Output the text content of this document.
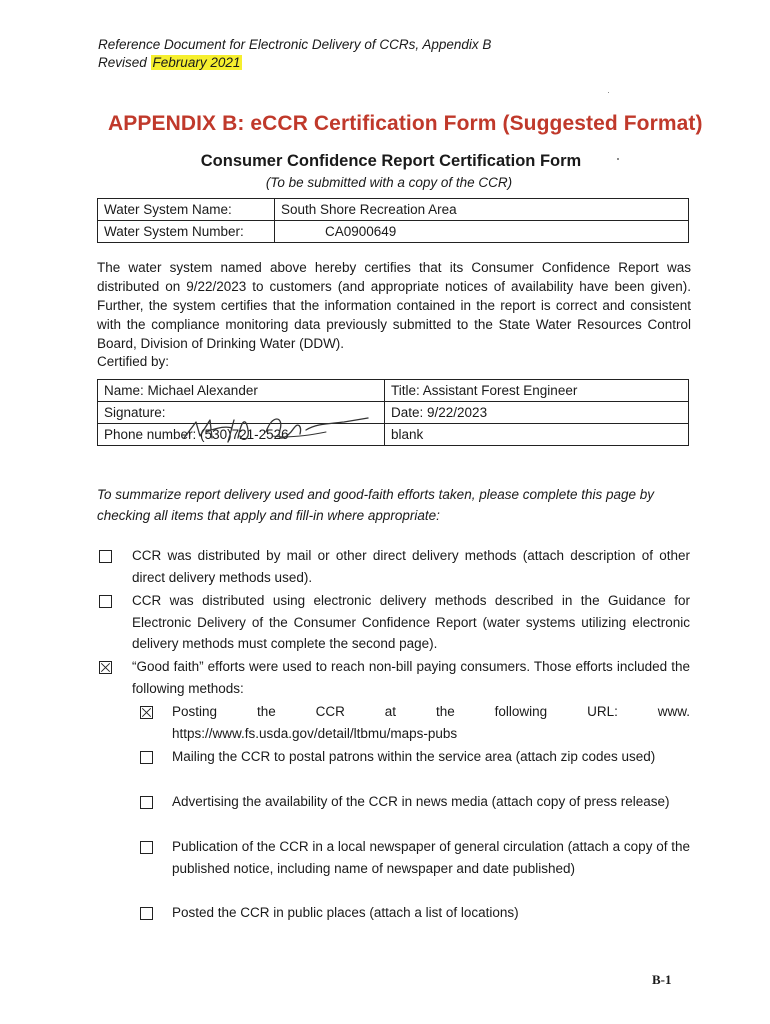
Reference Document for Electronic Delivery of CCRs, Appendix B
Revised February 2021
APPENDIX B: eCCR Certification Form (Suggested Format)
Consumer Confidence Report Certification Form
(To be submitted with a copy of the CCR)
Water System Name:	South Shore Recreation Area
Water System Number:	CA0900649
The water system named above hereby certifies that its Consumer Confidence Report was distributed on 9/22/2023 to customers (and appropriate notices of availability have been given). Further, the system certifies that the information contained in the report is correct and consistent with the compliance monitoring data previously submitted to the State Water Resources Control Board, Division of Drinking Water (DDW).
Certified by:
Name: Michael Alexander	Title: Assistant Forest Engineer
Signature:	Date: 9/22/2023
Phone number: (530)721-2526	blank
To summarize report delivery used and good-faith efforts taken, please complete this page by checking all items that apply and fill-in where appropriate:
CCR was distributed by mail or other direct delivery methods (attach description of other direct delivery methods used).
CCR was distributed using electronic delivery methods described in the Guidance for Electronic Delivery of the Consumer Confidence Report (water systems utilizing electronic delivery methods must complete the second page).
“Good faith” efforts were used to reach non-bill paying consumers. Those efforts included the following methods:
Posting the CCR at the following URL: www.
https://www.fs.usda.gov/detail/ltbmu/maps-pubs
Mailing the CCR to postal patrons within the service area (attach zip codes used)
Advertising the availability of the CCR in news media (attach copy of press release)
Publication of the CCR in a local newspaper of general circulation (attach a copy of the published notice, including name of newspaper and date published)
Posted the CCR in public places (attach a list of locations)
B-1
